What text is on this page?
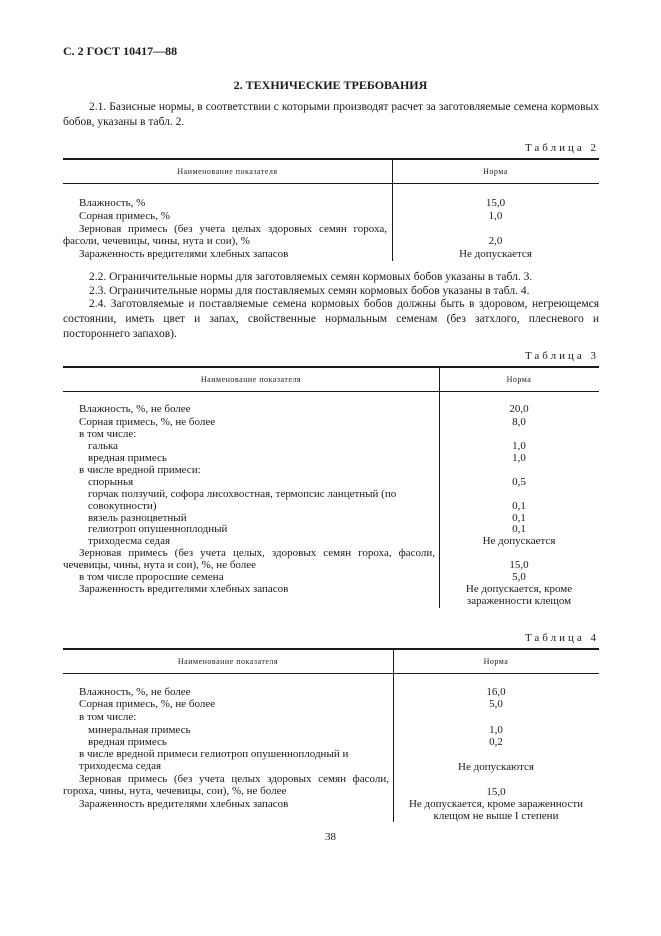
С. 2 ГОСТ 10417—88
2. ТЕХНИЧЕСКИЕ ТРЕБОВАНИЯ
2.1. Базисные нормы, в соответствии с которыми производят расчет за заготовляемые семена кормовых бобов, указаны в табл. 2.
Таблица 2
Наименование показателя	Норма
Влажность, %	15,0
Сорная примесь, %	1,0
Зерновая примесь (без учета целых здоровых семян гороха, фасоли, чечевицы, чины, нута и сои), %	2,0
Зараженность вредителями хлебных запасов	Не допускается
2.2. Ограничительные нормы для заготовляемых семян кормовых бобов указаны в табл. 3.
2.3. Ограничительные нормы для поставляемых семян кормовых бобов указаны в табл. 4.
2.4. Заготовляемые и поставляемые семена кормовых бобов должны быть в здоровом, негреющемся состоянии, иметь цвет и запах, свойственные нормальным семенам (без затхлого, плесневого и постороннего запахов).
Таблица 3
Наименование показателя	Норма
Влажность, %, не более	20,0
Сорная примесь, %, не более	8,0
в том числе:
галька	1,0
вредная примесь	1,0
в числе вредной примеси:
спорынья	0,5
горчак ползучий, софора лисохвостная, термопсис ланцетный (по совокупности)	0,1
вязель разноцветный	0,1
гелиотроп опушенноплодный	0,1
триходесма седая	Не допускается
Зерновая примесь (без учета целых, здоровых семян гороха, фасоли, чечевицы, чины, нута и сои), %, не более	15,0
в том числе проросшие семена	5,0
Зараженность вредителями хлебных запасов	Не допускается, кроме зараженности клещом
Таблица 4
Наименование показателя	Норма
Влажность, %, не более	16,0
Сорная примесь, %, не более	5,0
в том числе:
минеральная примесь	1,0
вредная примесь	0,2
в числе вредной примеси гелиотроп опушенноплодный и триходесма седая	Не допускаются
Зерновая примесь (без учета целых здоровых семян фасоли, гороха, чины, нута, чечевицы, сои), %, не более	15,0
Зараженность вредителями хлебных запасов	Не допускается, кроме зараженности клещом не выше I степени
38
